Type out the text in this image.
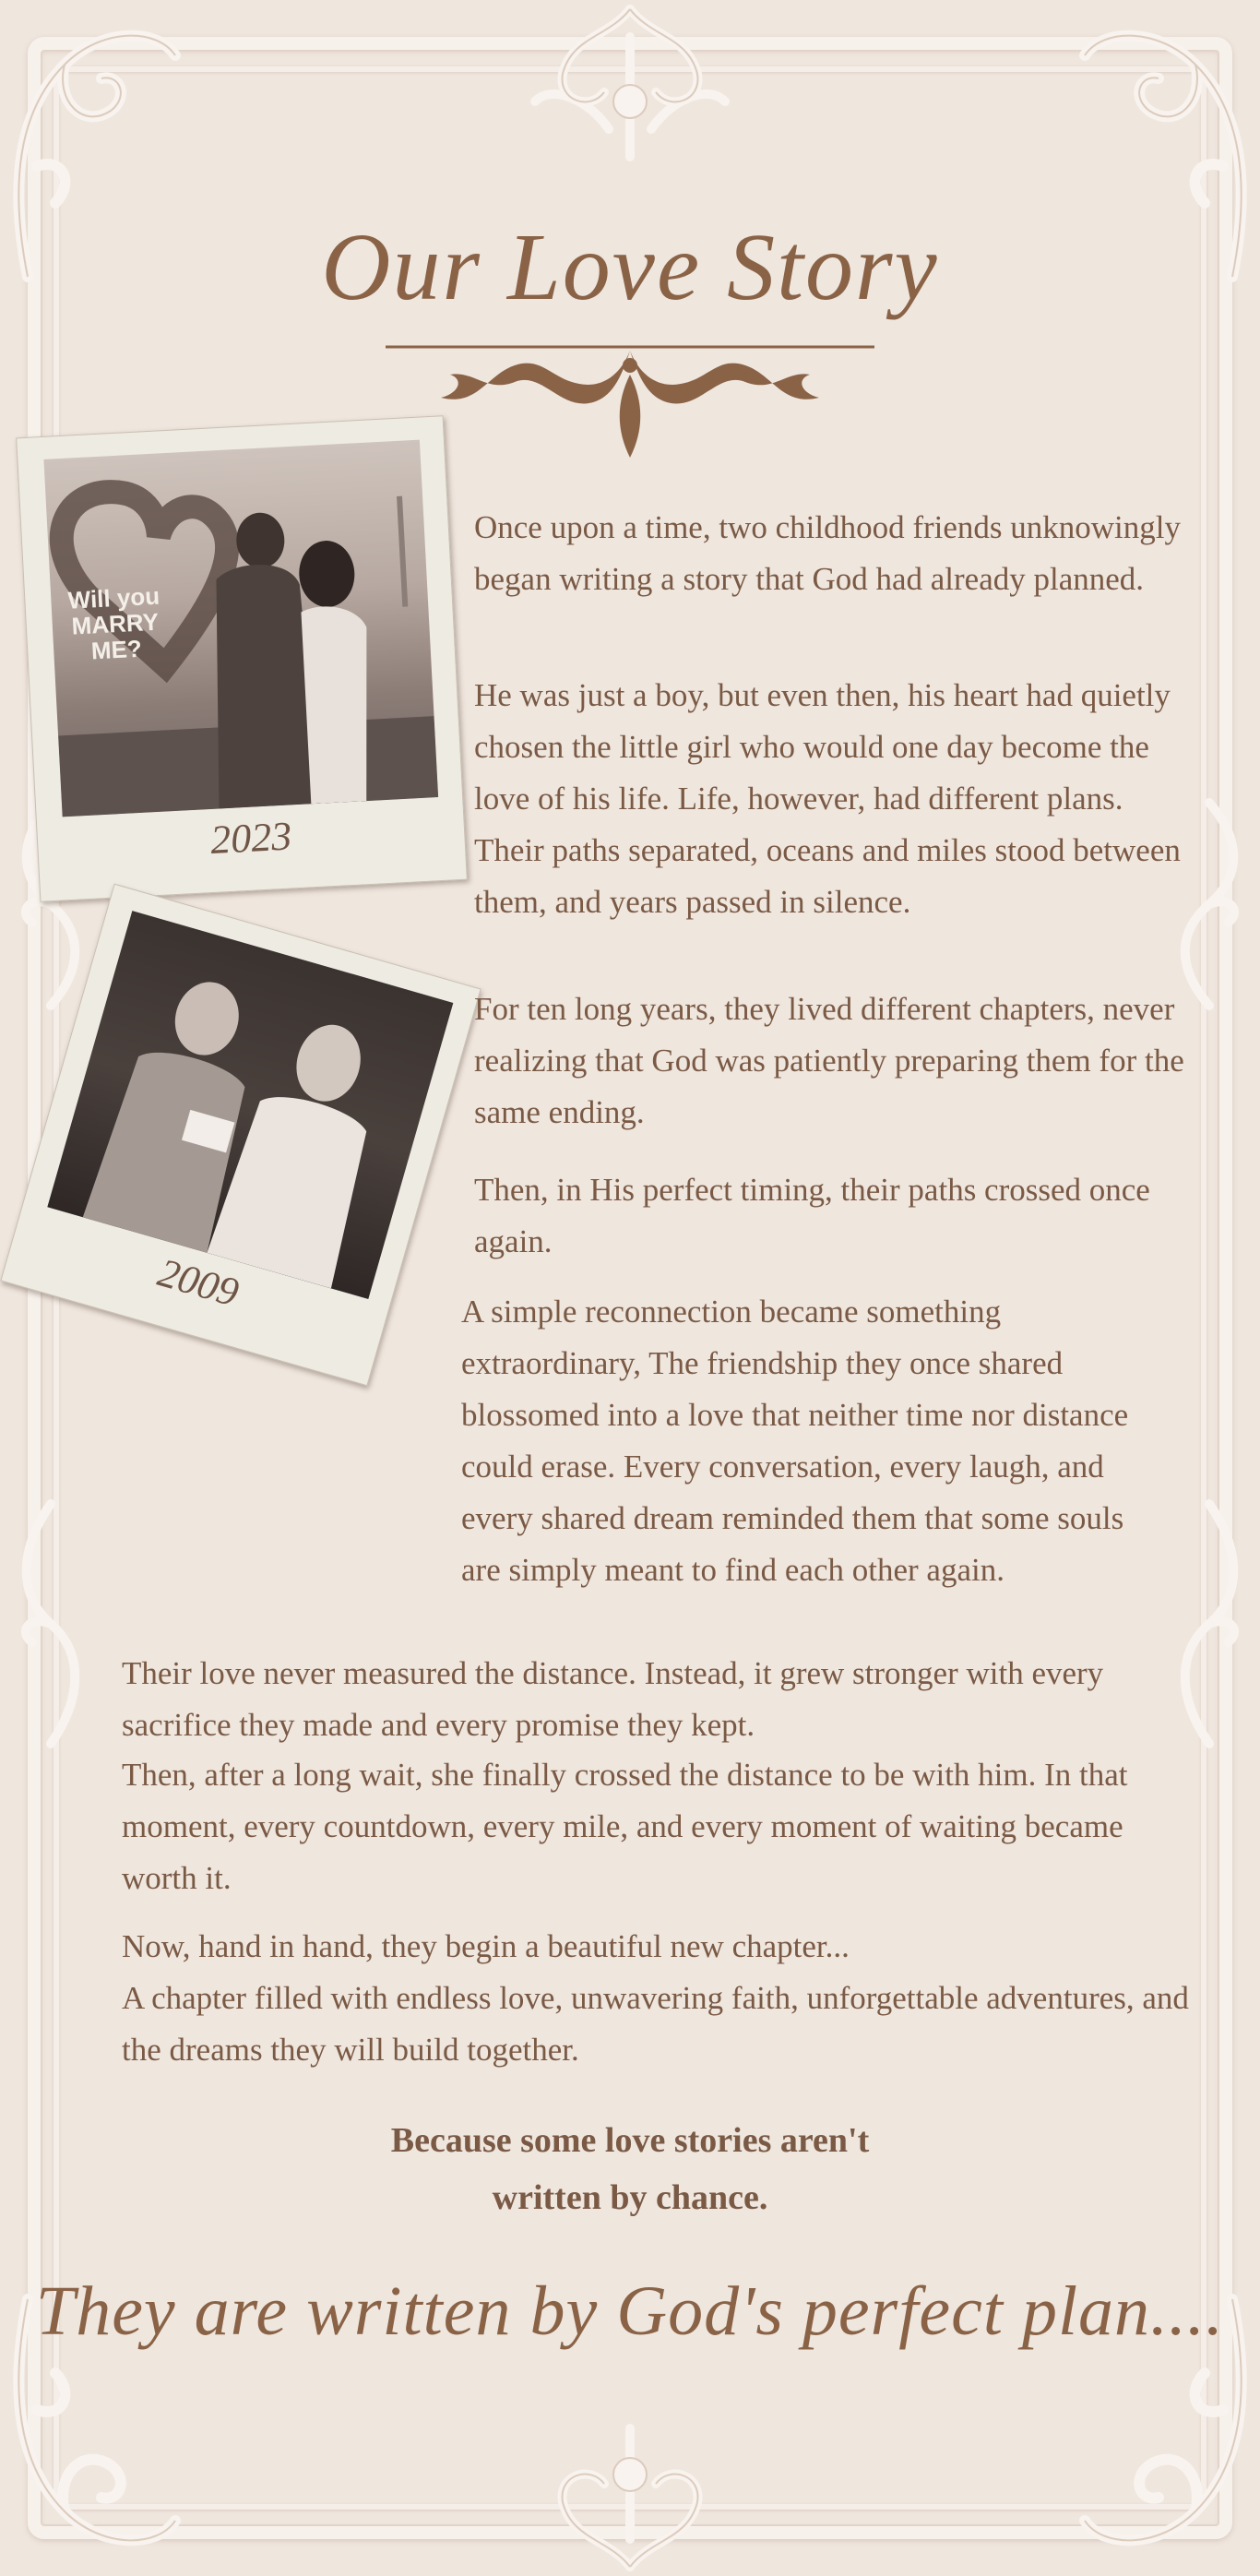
Our Love Story
Will you MARRY ME?
2023
2009

Once upon a time, two childhood friends unknowingly began writing a story that God had already planned.

He was just a boy, but even then, his heart had quietly chosen the little girl who would one day become the love of his life. Life, however, had different plans. Their paths separated, oceans and miles stood between them, and years passed in silence.

For ten long years, they lived different chapters, never realizing that God was patiently preparing them for the same ending.

Then, in His perfect timing, their paths crossed once again.

A simple reconnection became something extraordinary, The friendship they once shared blossomed into a love that neither time nor distance could erase. Every conversation, every laugh, and every shared dream reminded them that some souls are simply meant to find each other again.

Their love never measured the distance. Instead, it grew stronger with every sacrifice they made and every promise they kept.

Then, after a long wait, she finally crossed the distance to be with him. In that moment, every countdown, every mile, and every moment of waiting became worth it.

Now, hand in hand, they begin a beautiful new chapter...

A chapter filled with endless love, unwavering faith, unforgettable adventures, and the dreams they will build together.

Because some love stories aren't

written by chance.

They are written by God's perfect plan....
